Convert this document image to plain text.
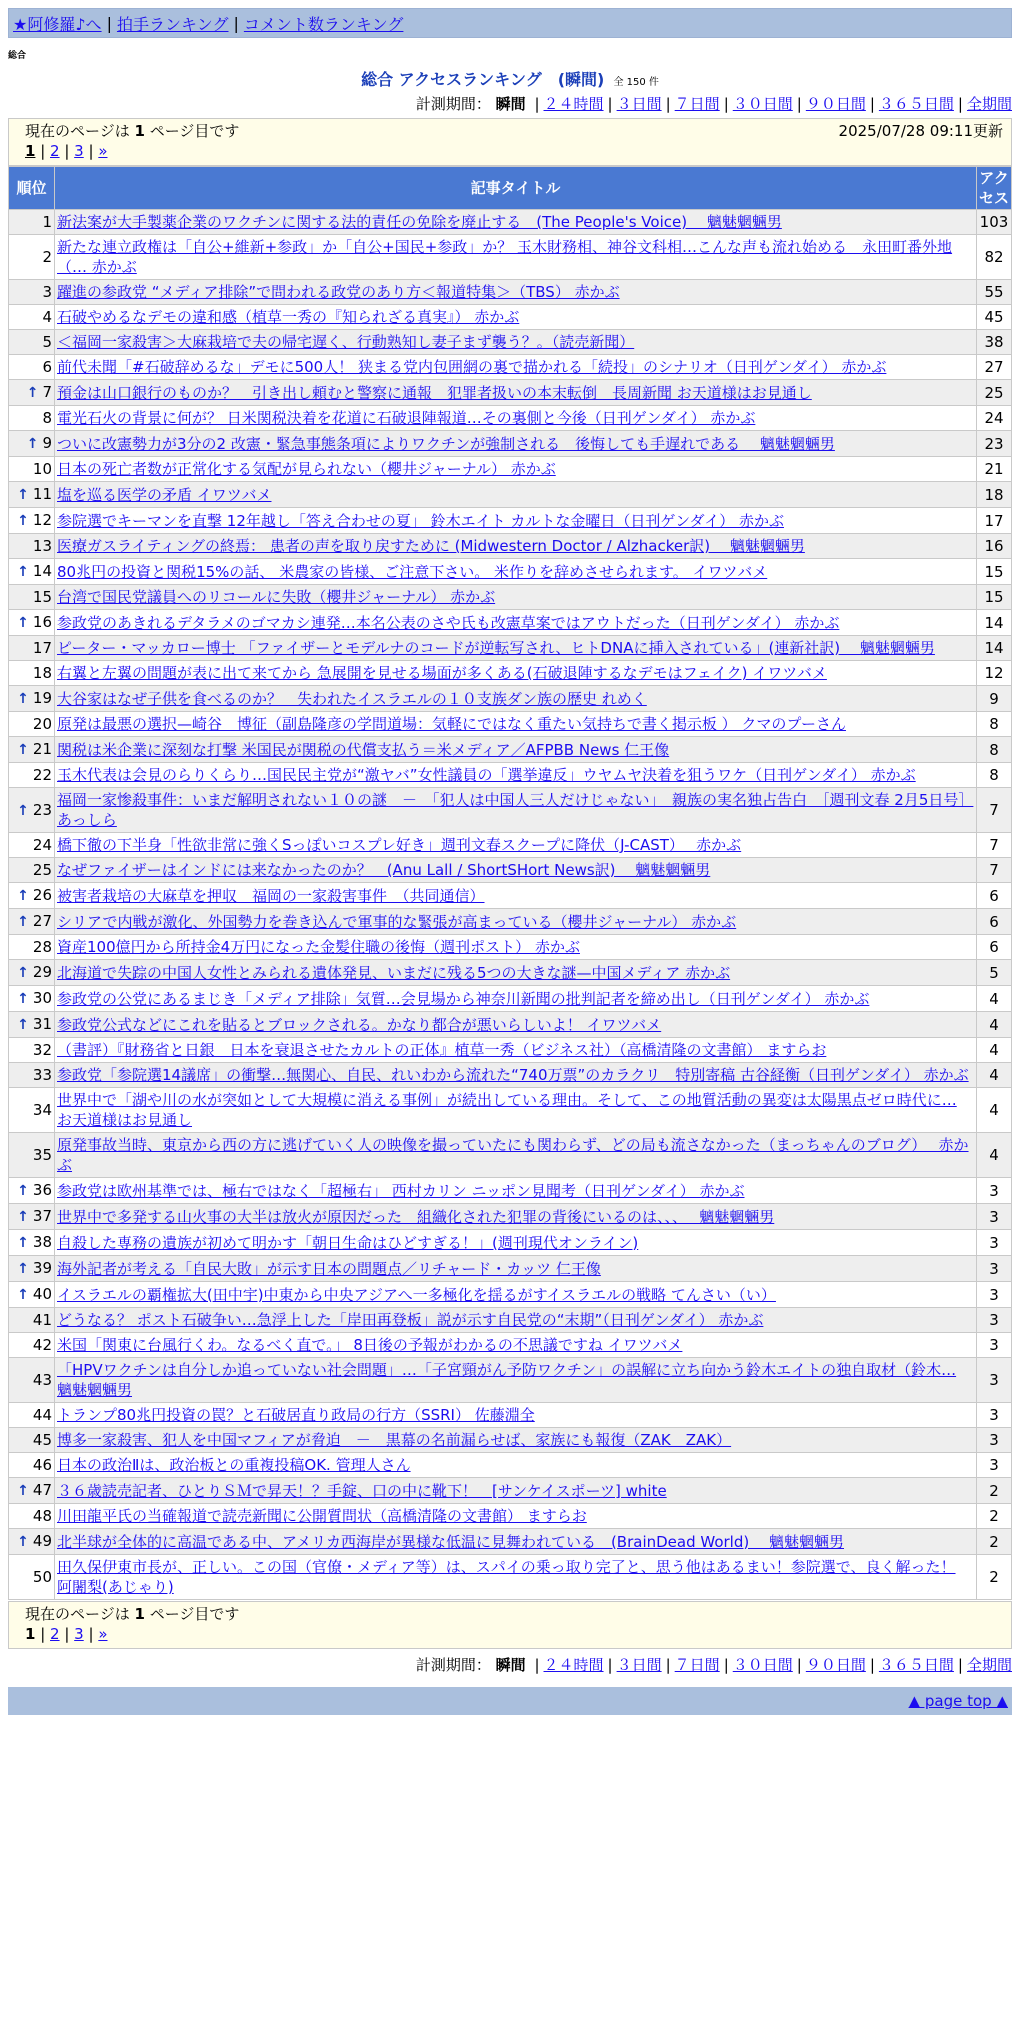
★阿修羅♪へ | 拍手ランキング | コメント数ランキング
総合
総合 アクセスランキング　(瞬間) 全 150 件
計測期間： 瞬間 | ２４時間 | ３日間 | ７日間 | ３０日間 | ９０日間 | ３６５日間 | 全期間
現在のページは 1 ページ目です	2025/07/28 09:11更新
1 | 2 | 3 | »
順位	記事タイトル	アクセス
1	新法案が大手製薬企業のワクチンに関する法的責任の免除を廃止する　(The People's Voice)　 魑魅魍魎男	103
2	新たな連立政権は「自公+維新+参政」か「自公+国民+参政」か？ 玉木財務相、神谷文科相…こんな声も流れ始める　永田町番外地（… 赤かぶ	82
3	躍進の参政党 “メディア排除”で問われる政党のあり方＜報道特集＞（TBS） 赤かぶ	55
4	石破やめるなデモの違和感（植草一秀の『知られざる真実』） 赤かぶ	45
5	＜福岡一家殺害＞大麻栽培で夫の帰宅遅く、行動熟知し妻子まず襲う？。（読売新聞）	38
6	前代未聞「#石破辞めるな」デモに500人！ 狭まる党内包囲網の裏で描かれる「続投」のシナリオ（日刊ゲンダイ） 赤かぶ	27
↑ 7	預金は山口銀行のものか？　引き出し頼むと警察に通報　犯罪者扱いの本末転倒　長周新聞 お天道様はお見通し	25
8	電光石火の背景に何が？ 日米関税決着を花道に石破退陣報道…その裏側と今後（日刊ゲンダイ） 赤かぶ	24
↑ 9	ついに改憲勢力が3分の2 改憲・緊急事態条項によりワクチンが強制される　後悔しても手遅れである　 魑魅魍魎男	23
10	日本の死亡者数が正常化する気配が見られない（櫻井ジャーナル） 赤かぶ	21
↑ 11	塩を巡る医学の矛盾 イワツバメ	18
↑ 12	参院選でキーマンを直撃 12年越し「答え合わせの夏」 鈴木エイト カルトな金曜日（日刊ゲンダイ） 赤かぶ	17
13	医療ガスライティングの終焉： 患者の声を取り戻すために (Midwestern Doctor / Alzhacker訳)　 魑魅魍魎男	16
↑ 14	80兆円の投資と関税15%の話、 米農家の皆様、ご注意下さい。 米作りを辞めさせられます。 イワツバメ	15
15	台湾で国民党議員へのリコールに失敗（櫻井ジャーナル） 赤かぶ	15
↑ 16	参政党のあきれるデタラメのゴマカシ連発…本名公表のさや氏も改憲草案ではアウトだった（日刊ゲンダイ） 赤かぶ	14
17	ピーター・マッカロー博士 「ファイザーとモデルナのコードが逆転写され、ヒトDNAに挿入されている」(連新社訳)　 魑魅魍魎男	14
18	右翼と左翼の問題が表に出て来てから 急展開を見せる場面が多くある(石破退陣するなデモはフェイク) イワツバメ	12
↑ 19	大谷家はなぜ子供を食べるのか？　失われたイスラエルの１０支族ダン族の歴史 れめく	9
20	原発は最悪の選択—崎谷　博征（副島隆彦の学問道場：気軽にではなく重たい気持ちで書く掲示板 ） クマのプーさん	8
↑ 21	関税は米企業に深刻な打撃 米国民が関税の代償支払う＝米メディア／AFPBB News 仁王像	8
22	玉木代表は会見のらりくらり…国民民主党が“激ヤバ”女性議員の「選挙違反」ウヤムヤ決着を狙うワケ（日刊ゲンダイ） 赤かぶ	8
↑ 23	福岡一家惨殺事件：いまだ解明されない１０の謎　－　「犯人は中国人三人だけじゃない」　親族の実名独占告白　［週刊文春 2月5日号］ あっしら	7
24	橋下徹の下半身「性欲非常に強くSっぽいコスプレ好き」週刊文春スクープに降伏（J-CAST）　 赤かぶ	7
25	なぜファイザーはインドには来なかったのか？　(Anu Lall / ShortSHort News訳)　 魑魅魍魎男	7
↑ 26	被害者栽培の大麻草を押収　福岡の一家殺害事件　（共同通信）	6
↑ 27	シリアで内戦が激化、外国勢力を巻き込んで軍事的な緊張が高まっている（櫻井ジャーナル） 赤かぶ	6
28	資産100億円から所持金4万円になった金髪住職の後悔（週刊ポスト） 赤かぶ	6
↑ 29	北海道で失踪の中国人女性とみられる遺体発見、いまだに残る5つの大きな謎—中国メディア 赤かぶ	5
↑ 30	参政党の公党にあるまじき「メディア排除」気質…会見場から神奈川新聞の批判記者を締め出し（日刊ゲンダイ） 赤かぶ	4
↑ 31	参政党公式などにこれを貼るとブロックされる。かなり都合が悪いらしいよ！ イワツバメ	4
32	（書評）『財務省と日銀　日本を衰退させたカルトの正体』植草一秀（ビジネス社）（高橋清隆の文書館） ますらお	4
33	参政党「参院選14議席」の衝撃…無関心、自民、れいわから流れた“740万票”のカラクリ　特別寄稿 古谷経衡（日刊ゲンダイ） 赤かぶ	4
34	世界中で「湖や川の水が突如として大規模に消える事例」が続出している理由。そして、この地質活動の異変は太陽黒点ゼロ時代に… お天道様はお見通し	4
35	原発事故当時、東京から西の方に逃げていく人の映像を撮っていたにも関わらず、どの局も流さなかった（まっちゃんのブログ）　 赤かぶ	4
↑ 36	参政党は欧州基準では、極右ではなく「超極右」 西村カリン ニッポン見聞考（日刊ゲンダイ） 赤かぶ	3
↑ 37	世界中で多発する山火事の大半は放火が原因だった　組織化された犯罪の背後にいるのは、、、　 魑魅魍魎男	3
↑ 38	自殺した専務の遺族が初めて明かす「朝日生命はひどすぎる！」(週刊現代オンライン)	3
↑ 39	海外記者が考える「自民大敗」が示す日本の問題点／リチャード・カッツ 仁王像	3
↑ 40	イスラエルの覇権拡大(田中宇)中東から中央アジアへ一多極化を揺るがすイスラエルの戦略 てんさい（い）	3
41	どうなる？ ポスト石破争い…急浮上した「岸田再登板」説が示す自民党の“末期”（日刊ゲンダイ） 赤かぶ	3
42	米国「関東に台風行くわ。なるべく直で。」 8日後の予報がわかるの不思議ですね イワツバメ	3
43	「HPVワクチンは自分しか追っていない社会問題」…「子宮頸がん予防ワクチン」の誤解に立ち向かう鈴木エイトの独自取材（鈴木… 魑魅魍魎男	3
44	トランプ80兆円投資の罠？と石破居直り政局の行方（SSRI） 佐藤淵全	3
45	博多一家殺害、犯人を中国マフィアが脅迫　－　黒幕の名前漏らせば、家族にも報復（ZAK　ZAK）	3
46	日本の政治Ⅱは、政治板との重複投稿OK. 管理人さん	3
↑ 47	３６歳読売記者、ひとりＳＭで昇天！？手錠、口の中に靴下！　[サンケイスポーツ] white	2
48	川田龍平氏の当確報道で読売新聞に公開質問状（高橋清隆の文書館） ますらお	2
↑ 49	北半球が全体的に高温である中、アメリカ西海岸が異様な低温に見舞われている　(BrainDead World)　 魑魅魍魎男	2
50	田久保伊東市長が、正しい。この国（官僚・メディア等）は、スパイの乗っ取り完了と、思う他はあるまい！参院選で、良く解った！ 阿闍梨(あじゃり)	2
現在のページは 1 ページ目です
1 | 2 | 3 | »
計測期間： 瞬間 | ２４時間 | ３日間 | ７日間 | ３０日間 | ９０日間 | ３６５日間 | 全期間
▲ page top ▲
